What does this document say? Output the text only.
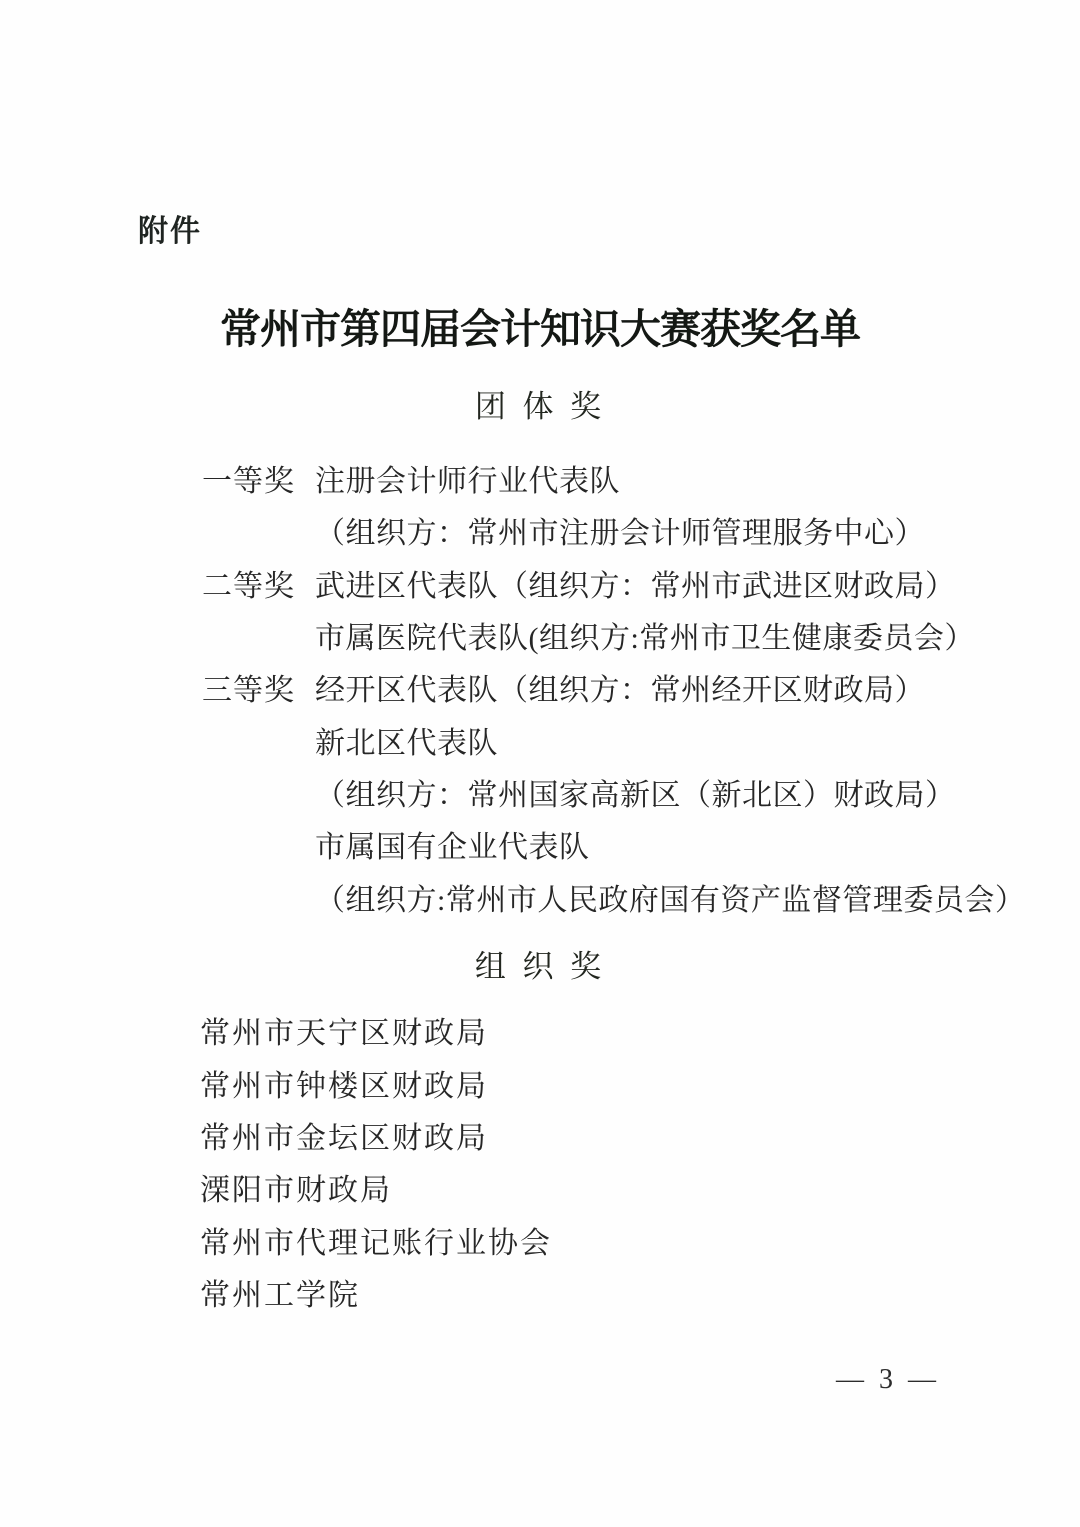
附件
常州市第四届会计知识大赛获奖名单
团 体 奖
一等奖 注册会计师行业代表队
（组织方：常州市注册会计师管理服务中心）
二等奖 武进区代表队（组织方：常州市武进区财政局）
市属医院代表队(组织方:常州市卫生健康委员会）
三等奖 经开区代表队（组织方：常州经开区财政局）
新北区代表队
（组织方：常州国家高新区（新北区）财政局）
市属国有企业代表队
（组织方:常州市人民政府国有资产监督管理委员会）
组 织 奖
常州市天宁区财政局
常州市钟楼区财政局
常州市金坛区财政局
溧阳市财政局
常州市代理记账行业协会
常州工学院
— 3 —
